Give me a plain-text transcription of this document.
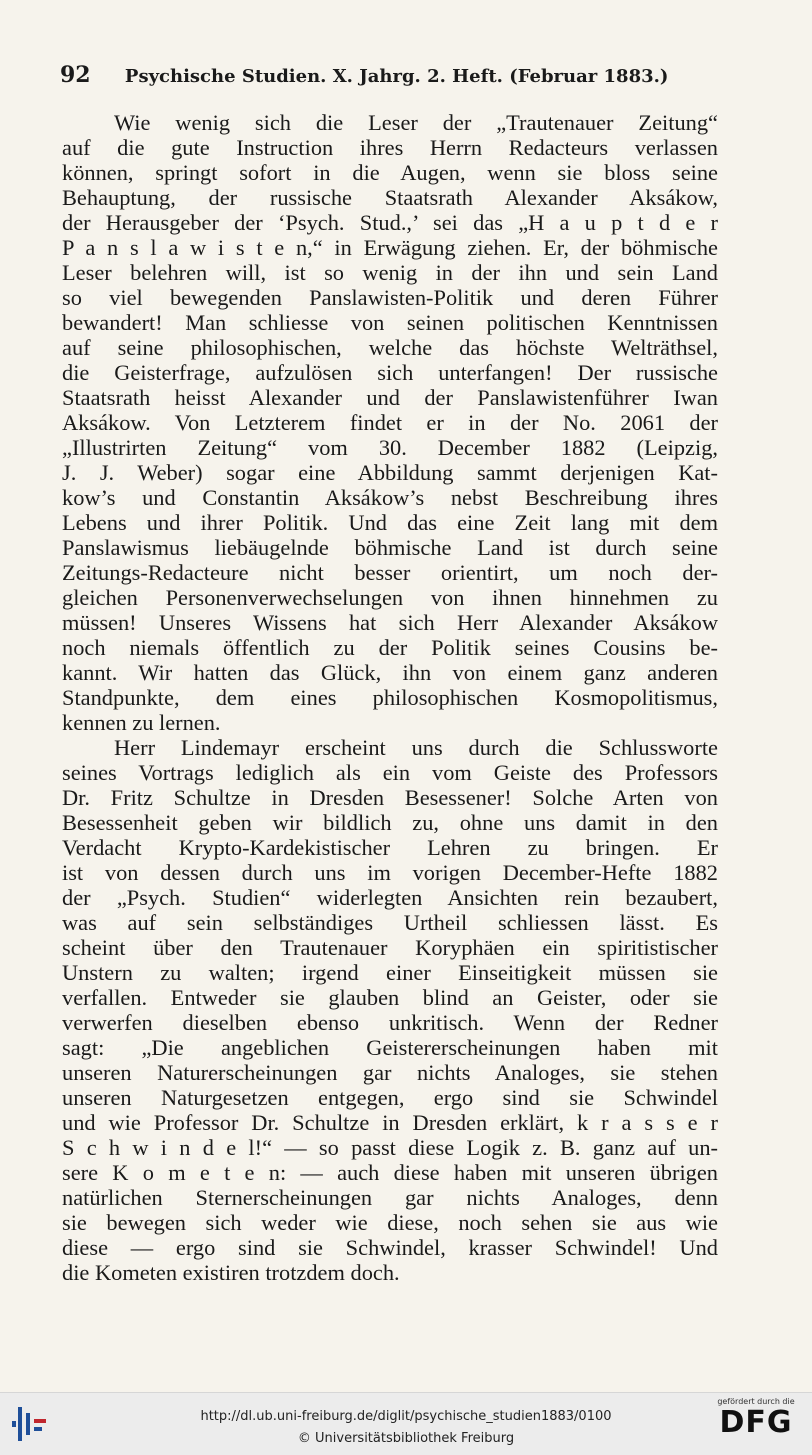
92 Psychische Studien. X. Jahrg. 2. Heft. (Februar 1883.)
Wie wenig sich die Leser der „Trautenauer Zeitung“
auf die gute Instruction ihres Herrn Redacteurs verlassen
können, springt sofort in die Augen, wenn sie bloss seine
Behauptung, der russische Staatsrath Alexander Aksákow,
der Herausgeber der ‘Psych. Stud.,’ sei das „H a u p t d e r
P a n s l a w i s t e n,“ in Erwägung ziehen. Er, der böhmische
Leser belehren will, ist so wenig in der ihn und sein Land
so viel bewegenden Panslawisten-Politik und deren Führer
bewandert! Man schliesse von seinen politischen Kenntnissen
auf seine philosophischen, welche das höchste Welträthsel,
die Geisterfrage, aufzulösen sich unterfangen! Der russische
Staatsrath heisst Alexander und der Panslawistenführer Iwan
Aksákow. Von Letzterem findet er in der No. 2061 der
„Illustrirten Zeitung“ vom 30. December 1882 (Leipzig,
J. J. Weber) sogar eine Abbildung sammt derjenigen Kat-
kow’s und Constantin Aksákow’s nebst Beschreibung ihres
Lebens und ihrer Politik. Und das eine Zeit lang mit dem
Panslawismus liebäugelnde böhmische Land ist durch seine
Zeitungs-Redacteure nicht besser orientirt, um noch der-
gleichen Personenverwechselungen von ihnen hinnehmen zu
müssen! Unseres Wissens hat sich Herr Alexander Aksákow
noch niemals öffentlich zu der Politik seines Cousins be-
kannt. Wir hatten das Glück, ihn von einem ganz anderen
Standpunkte, dem eines philosophischen Kosmopolitismus,
kennen zu lernen.
Herr Lindemayr erscheint uns durch die Schlussworte
seines Vortrags lediglich als ein vom Geiste des Professors
Dr. Fritz Schultze in Dresden Besessener! Solche Arten von
Besessenheit geben wir bildlich zu, ohne uns damit in den
Verdacht Krypto-Kardekistischer Lehren zu bringen. Er
ist von dessen durch uns im vorigen December-Hefte 1882
der „Psych. Studien“ widerlegten Ansichten rein bezaubert,
was auf sein selbständiges Urtheil schliessen lässt. Es
scheint über den Trautenauer Koryphäen ein spiritistischer
Unstern zu walten; irgend einer Einseitigkeit müssen sie
verfallen. Entweder sie glauben blind an Geister, oder sie
verwerfen dieselben ebenso unkritisch. Wenn der Redner
sagt: „Die angeblichen Geistererscheinungen haben mit
unseren Naturerscheinungen gar nichts Analoges, sie stehen
unseren Naturgesetzen entgegen, ergo sind sie Schwindel
und wie Professor Dr. Schultze in Dresden erklärt, k r a s s e r
S c h w i n d e l!“ — so passt diese Logik z. B. ganz auf un-
sere K o m e t e n: — auch diese haben mit unseren übrigen
natürlichen Sternerscheinungen gar nichts Analoges, denn
sie bewegen sich weder wie diese, noch sehen sie aus wie
diese — ergo sind sie Schwindel, krasser Schwindel! Und
die Kometen existiren trotzdem doch.
http://dl.ub.uni-freiburg.de/diglit/psychische_studien1883/0100
© Universitätsbibliothek Freiburg
gefördert durch die
DFG
